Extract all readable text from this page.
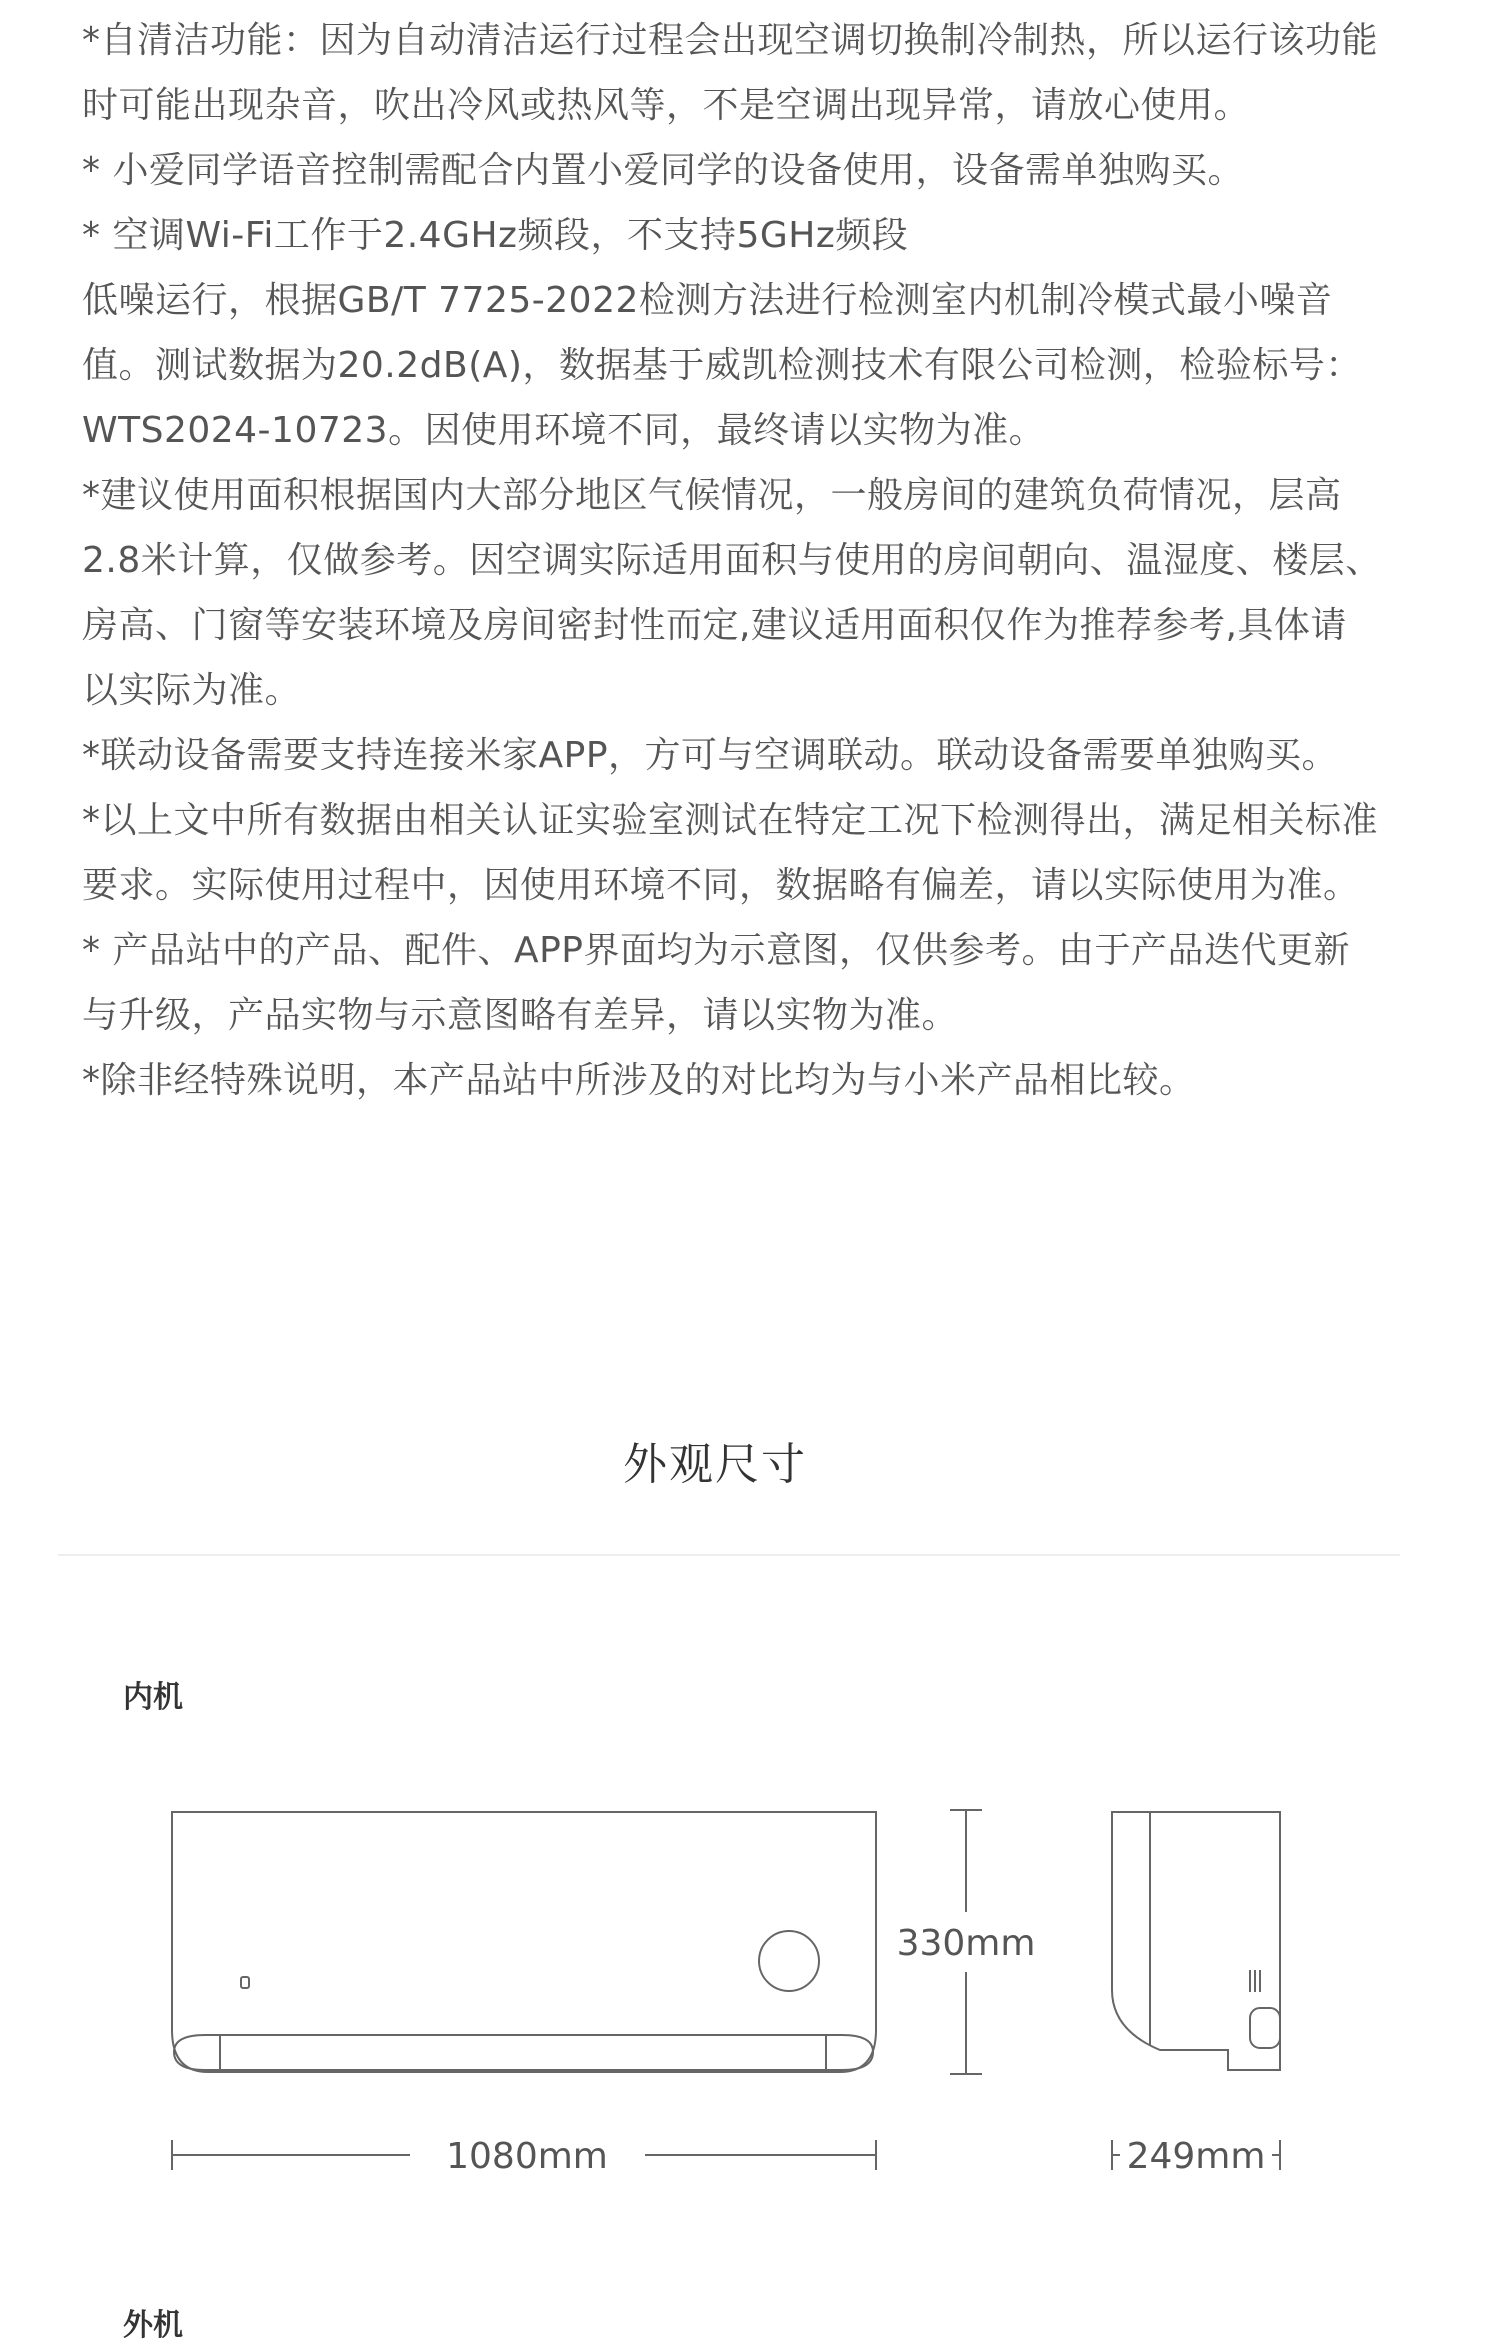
*自清洁功能：因为自动清洁运行过程会出现空调切换制冷制热，所以运行该功能时可能出现杂音，吹出冷风或热风等，不是空调出现异常，请放心使用。

* 小爱同学语音控制需配合内置小爱同学的设备使用，设备需单独购买。

* 空调Wi-Fi工作于2.4GHz频段，不支持5GHz频段

低噪运行，根据GB/T 7725-2022检测方法进行检测室内机制冷模式最小噪音值。测试数据为20.2dB(A)，数据基于威凯检测技术有限公司检测，检验标号：WTS2024-10723。因使用环境不同，最终请以实物为准。

*建议使用面积根据国内大部分地区气候情况，一般房间的建筑负荷情况，层高2.8米计算，仅做参考。因空调实际适用面积与使用的房间朝向、温湿度、楼层、房高、门窗等安装环境及房间密封性而定,建议适用面积仅作为推荐参考,具体请以实际为准。

*联动设备需要支持连接米家APP，方可与空调联动。联动设备需要单独购买。

*以上文中所有数据由相关认证实验室测试在特定工况下检测得出，满足相关标准要求。实际使用过程中，因使用环境不同，数据略有偏差，请以实际使用为准。

* 产品站中的产品、配件、APP界面均为示意图，仅供参考。由于产品迭代更新与升级，产品实物与示意图略有差异，请以实物为准。

*除非经特殊说明，本产品站中所涉及的对比均为与小米产品相比较。

外观尺寸
内机
外机
330mm
1080mm	249mm
